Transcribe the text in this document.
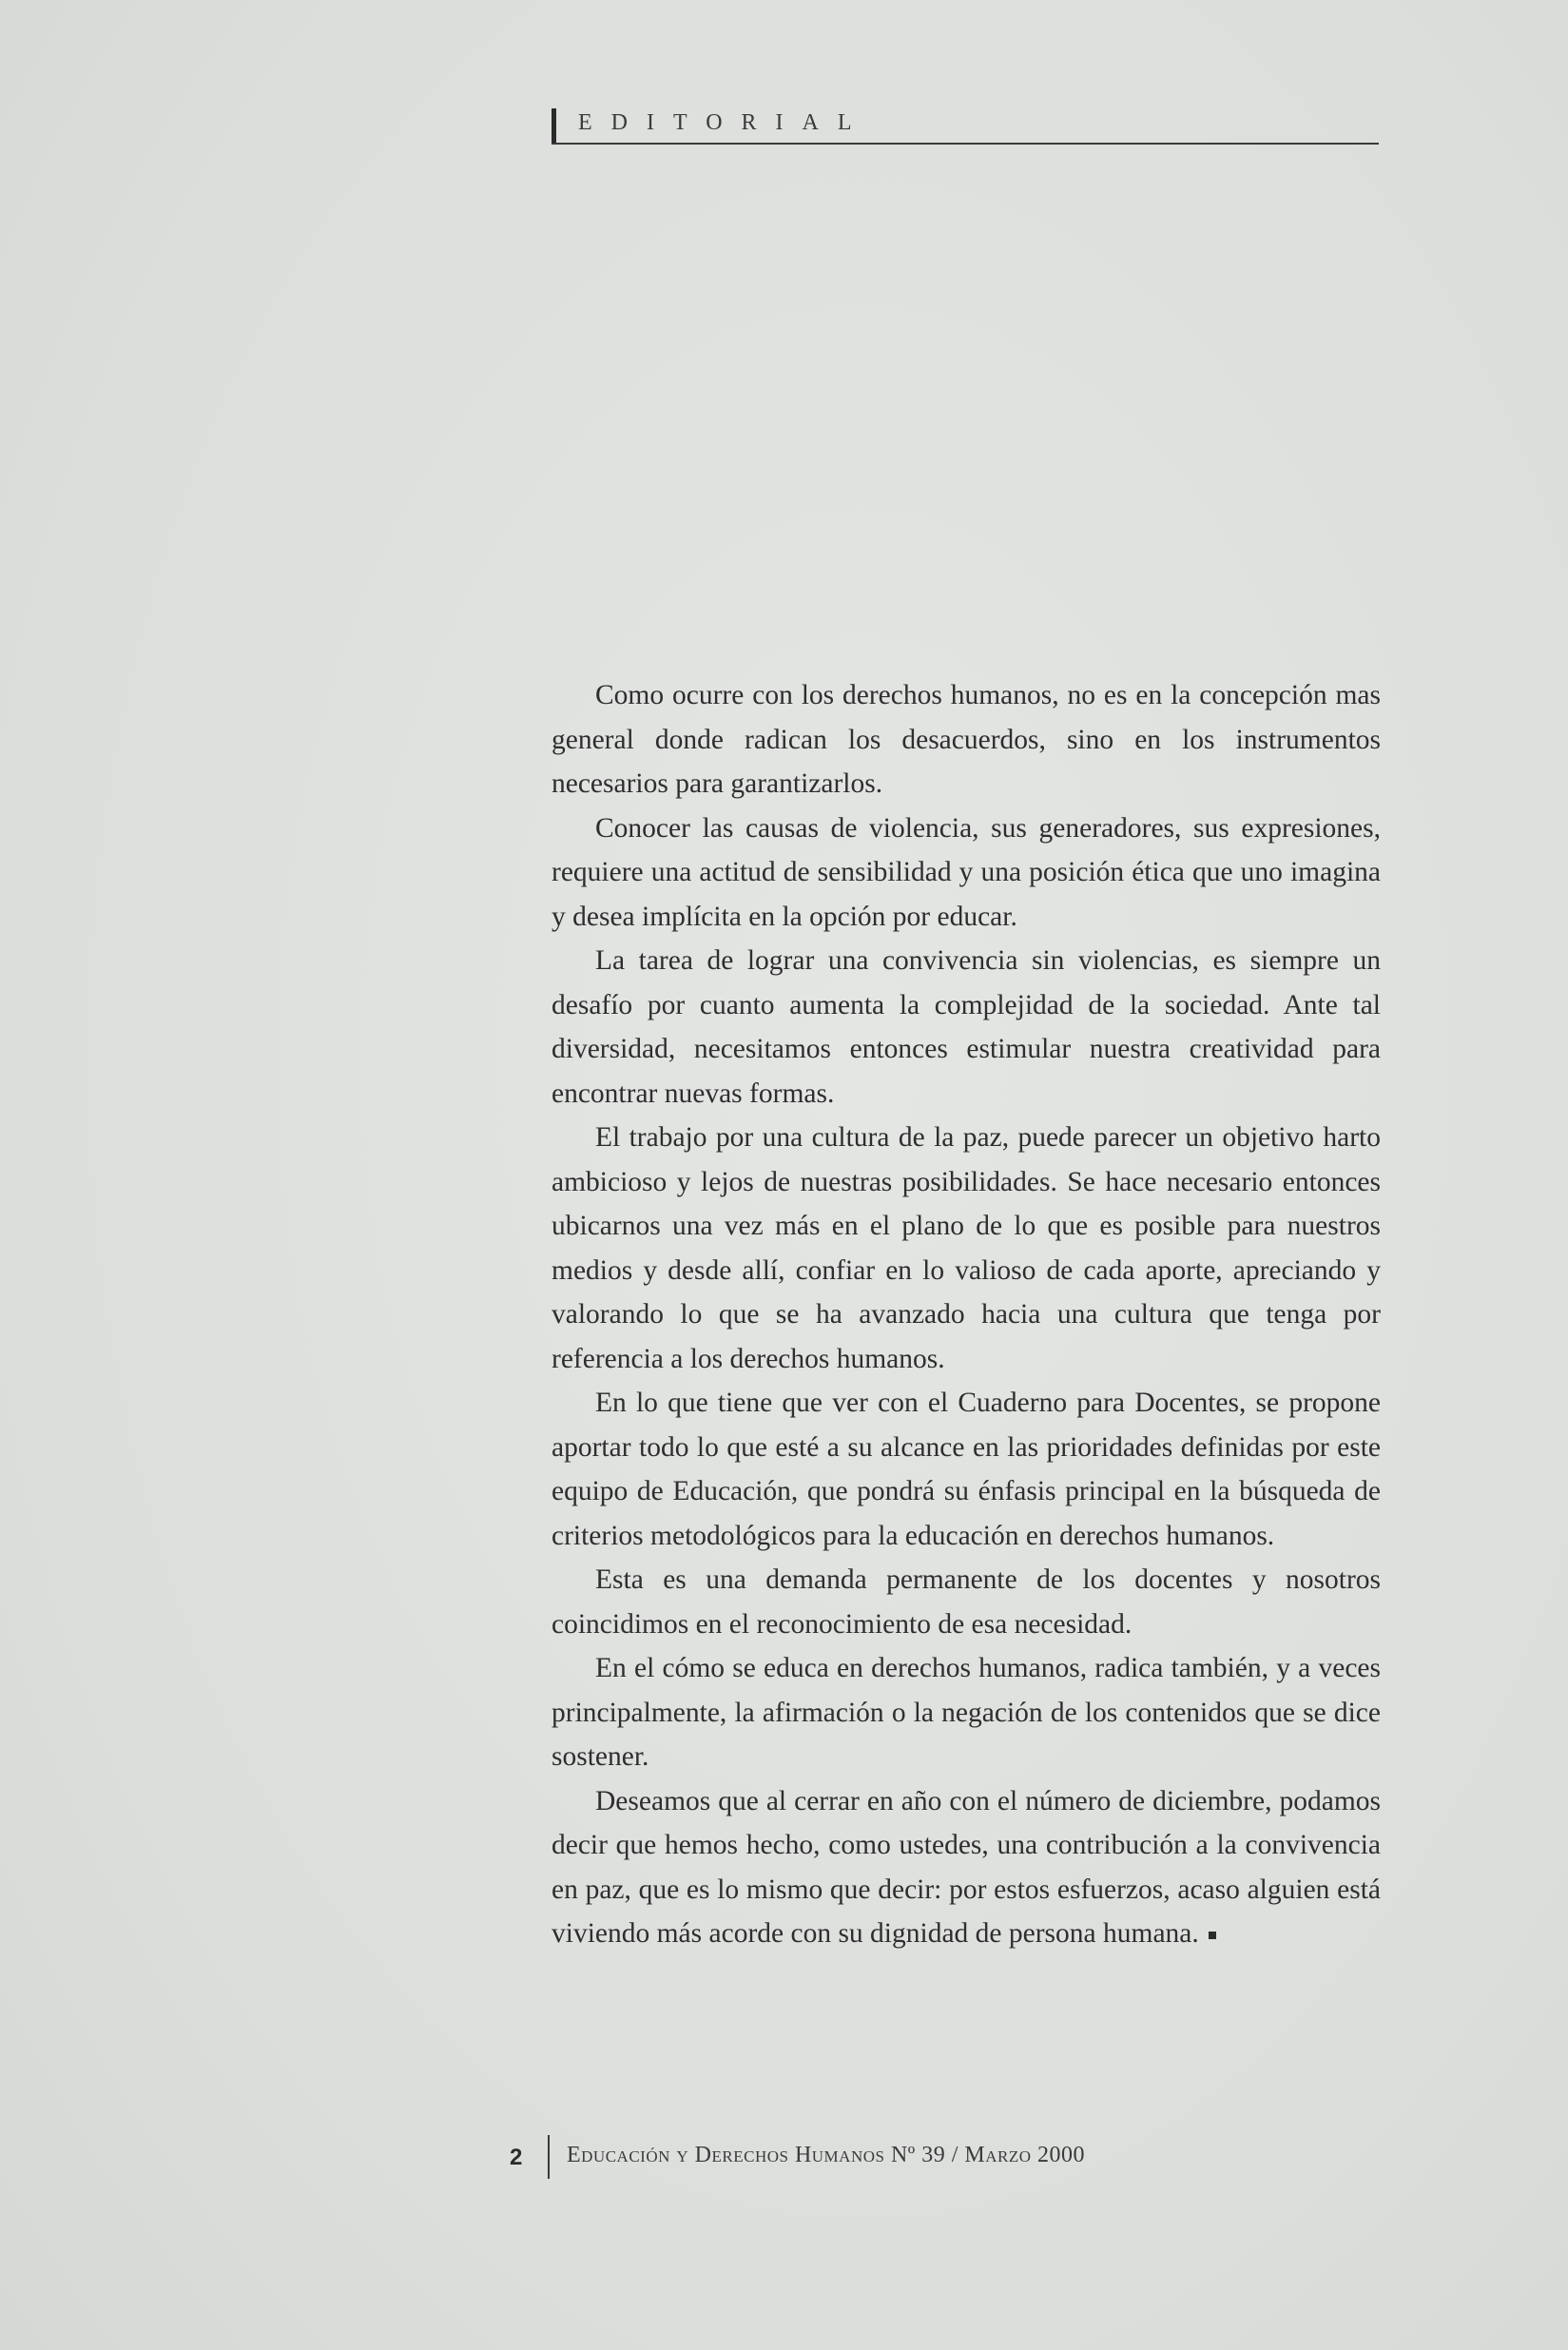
EDITORIAL

Como ocurre con los derechos humanos, no es en la concepción mas general donde radican los desacuerdos, sino en los instrumentos necesarios para garantizarlos.

Conocer las causas de violencia, sus generadores, sus expresiones, requiere una actitud de sensibilidad y una posición ética que uno imagina y desea implícita en la opción por educar.

La tarea de lograr una convivencia sin violencias, es siempre un desafío por cuanto aumenta la complejidad de la sociedad. Ante tal diversidad, necesitamos entonces estimular nuestra creatividad para encontrar nuevas formas.

El trabajo por una cultura de la paz, puede parecer un objetivo harto ambicioso y lejos de nuestras posibilidades. Se hace necesario entonces ubicarnos una vez más en el plano de lo que es posible para nuestros medios y desde allí, confiar en lo valioso de cada aporte, apreciando y valorando lo que se ha avanzado hacia una cultura que tenga por referencia a los derechos humanos.

En lo que tiene que ver con el Cuaderno para Docentes, se propone aportar todo lo que esté a su alcance en las prioridades definidas por este equipo de Educación, que pondrá su énfasis principal en la búsqueda de criterios metodológicos para la educación en derechos humanos.

Esta es una demanda permanente de los docentes y nosotros coincidimos en el reconocimiento de esa necesidad.

En el cómo se educa en derechos humanos, radica también, y a veces principalmente, la afirmación o la negación de los contenidos que se dice sostener.

Deseamos que al cerrar en año con el número de diciembre, podamos decir que hemos hecho, como ustedes, una contribución a la convivencia en paz, que es lo mismo que decir: por estos esfuerzos, acaso alguien está viviendo más acorde con su dignidad de persona humana.

2 Educación y Derechos Humanos Nº 39 / Marzo 2000
